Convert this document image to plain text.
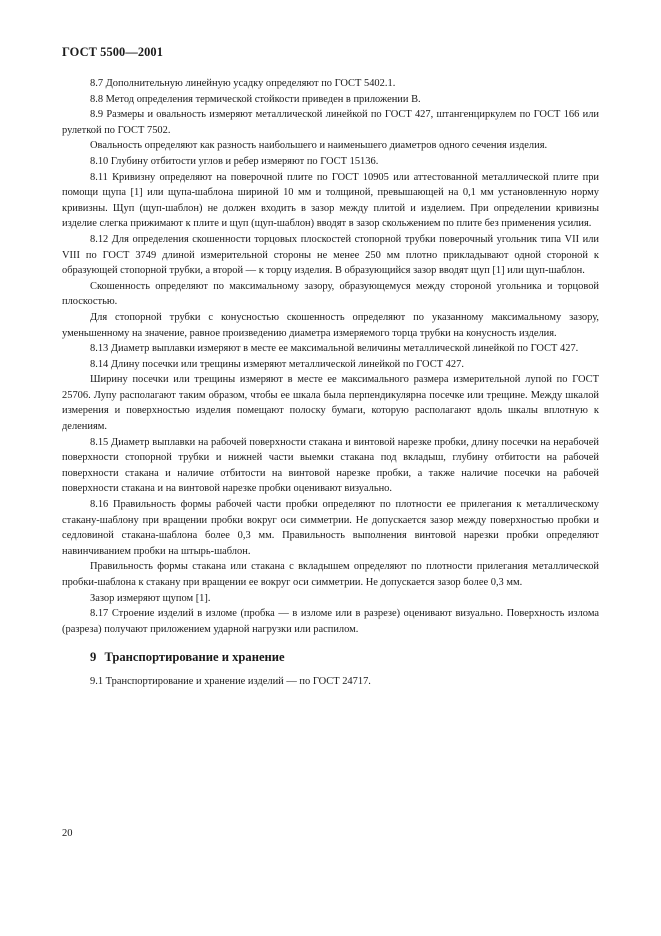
ГОСТ 5500—2001

8.7 Дополнительную линейную усадку определяют по ГОСТ 5402.1.

8.8 Метод определения термической стойкости приведен в приложении В.

8.9 Размеры и овальность измеряют металлической линейкой по ГОСТ 427, штангенциркулем по ГОСТ 166 или рулеткой по ГОСТ 7502.

Овальность определяют как разность наибольшего и наименьшего диаметров одного сечения изделия.

8.10 Глубину отбитости углов и ребер измеряют по ГОСТ 15136.

8.11 Кривизну определяют на поверочной плите по ГОСТ 10905 или аттестованной металлической плите при помощи щупа [1] или щупа-шаблона шириной 10 мм и толщиной, превышающей на 0,1 мм установленную норму кривизны. Щуп (щуп-шаблон) не должен входить в зазор между плитой и изделием. При определении кривизны изделие слегка прижимают к плите и щуп (щуп-шаблон) вводят в зазор скольжением по плите без применения усилия.

8.12 Для определения скошенности торцовых плоскостей стопорной трубки поверочный угольник типа VII или VIII по ГОСТ 3749 длиной измерительной стороны не менее 250 мм плотно прикладывают одной стороной к образующей стопорной трубки, а второй — к торцу изделия. В образующийся зазор вводят щуп [1] или щуп-шаблон.

Скошенность определяют по максимальному зазору, образующемуся между стороной угольника и торцовой плоскостью.

Для стопорной трубки с конусностью скошенность определяют по указанному максимальному зазору, уменьшенному на значение, равное произведению диаметра измеряемого торца трубки на конусность изделия.

8.13 Диаметр выплавки измеряют в месте ее максимальной величины металлической линейкой по ГОСТ 427.

8.14 Длину посечки или трещины измеряют металлической линейкой по ГОСТ 427.

Ширину посечки или трещины измеряют в месте ее максимального размера измерительной лупой по ГОСТ 25706. Лупу располагают таким образом, чтобы ее шкала была перпендикулярна посечке или трещине. Между шкалой измерения и поверхностью изделия помещают полоску бумаги, которую располагают вдоль шкалы вплотную к делениям.

8.15 Диаметр выплавки на рабочей поверхности стакана и винтовой нарезке пробки, длину посечки на нерабочей поверхности стопорной трубки и нижней части выемки стакана под вкладыш, глубину отбитости на рабочей поверхности стакана и наличие отбитости на винтовой нарезке пробки, а также наличие посечки на рабочей поверхности стакана и на винтовой нарезке пробки оценивают визуально.

8.16 Правильность формы рабочей части пробки определяют по плотности ее прилегания к металлическому стакану-шаблону при вращении пробки вокруг оси симметрии. Не допускается зазор между поверхностью пробки и седловиной стакана-шаблона более 0,3 мм. Правильность выполнения винтовой нарезки пробки определяют навинчиванием пробки на штырь-шаблон.

Правильность формы стакана или стакана с вкладышем определяют по плотности прилегания металлической пробки-шаблона к стакану при вращении ее вокруг оси симметрии. Не допускается зазор более 0,3 мм.

Зазор измеряют щупом [1].

8.17 Строение изделий в изломе (пробка — в изломе или в разрезе) оценивают визуально. Поверхность излома (разреза) получают приложением ударной нагрузки или распилом.

9 Транспортирование и хранение

9.1 Транспортирование и хранение изделий — по ГОСТ 24717.

20
